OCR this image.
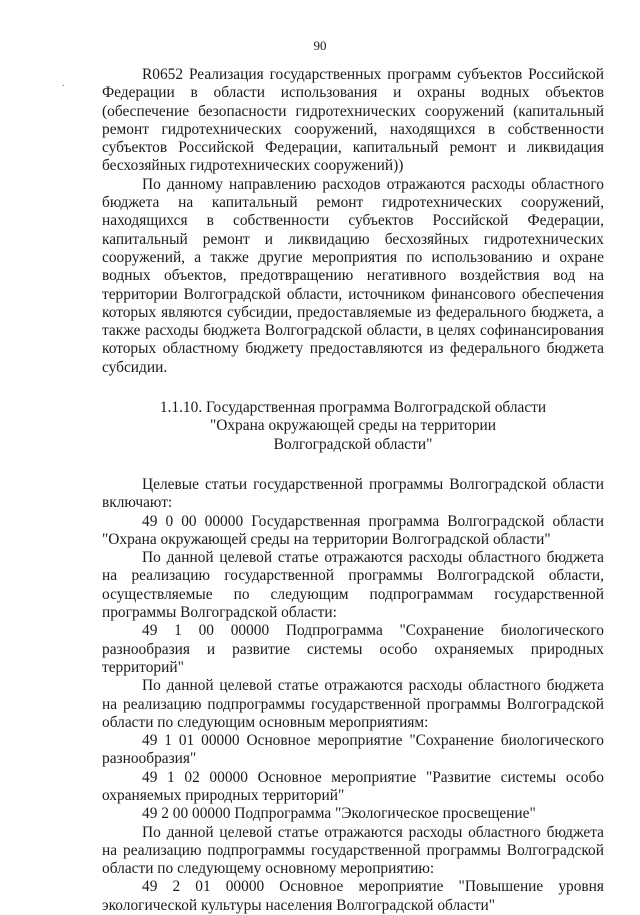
90
.

R0652 Реализация государственных программ субъектов Российской Федерации в области использования и охраны водных объектов (обеспечение безопасности гидротехнических сооружений (капитальный ремонт гидротехнических сооружений, находящихся в собственности субъектов Российской Федерации, капитальный ремонт и ликвидация бесхозяйных гидротехнических сооружений))

По данному направлению расходов отражаются расходы областного бюджета на капитальный ремонт гидротехнических сооружений, находящихся в собственности субъектов Российской Федерации, капитальный ремонт и ликвидацию бесхозяйных гидротехнических сооружений, а также другие мероприятия по использованию и охране водных объектов, предотвращению негативного воздействия вод на территории Волгоградской области, источником финансового обеспечения которых являются субсидии, предоставляемые из федерального бюджета, а также расходы бюджета Волгоградской области, в целях софинансирования которых областному бюджету предоставляются из федерального бюджета субсидии.

1.1.10. Государственная программа Волгоградской области
"Охрана окружающей среды на территории
Волгоградской области"

Целевые статьи государственной программы Волгоградской области включают:

49 0 00 00000 Государственная программа Волгоградской области "Охрана окружающей среды на территории Волгоградской области"

По данной целевой статье отражаются расходы областного бюджета на реализацию государственной программы Волгоградской области, осуществляемые по следующим подпрограммам государственной программы Волгоградской области:

49 1 00 00000 Подпрограмма "Сохранение биологического разнообразия и развитие системы особо охраняемых природных территорий"

По данной целевой статье отражаются расходы областного бюджета на реализацию подпрограммы государственной программы Волгоградской области по следующим основным мероприятиям:

49 1 01 00000 Основное мероприятие "Сохранение биологического разнообразия"

49 1 02 00000 Основное мероприятие "Развитие системы особо охраняемых природных территорий"

49 2 00 00000 Подпрограмма "Экологическое просвещение"

По данной целевой статье отражаются расходы областного бюджета на реализацию подпрограммы государственной программы Волгоградской области по следующему основному мероприятию:

49 2 01 00000 Основное мероприятие "Повышение уровня экологической культуры населения Волгоградской области"
